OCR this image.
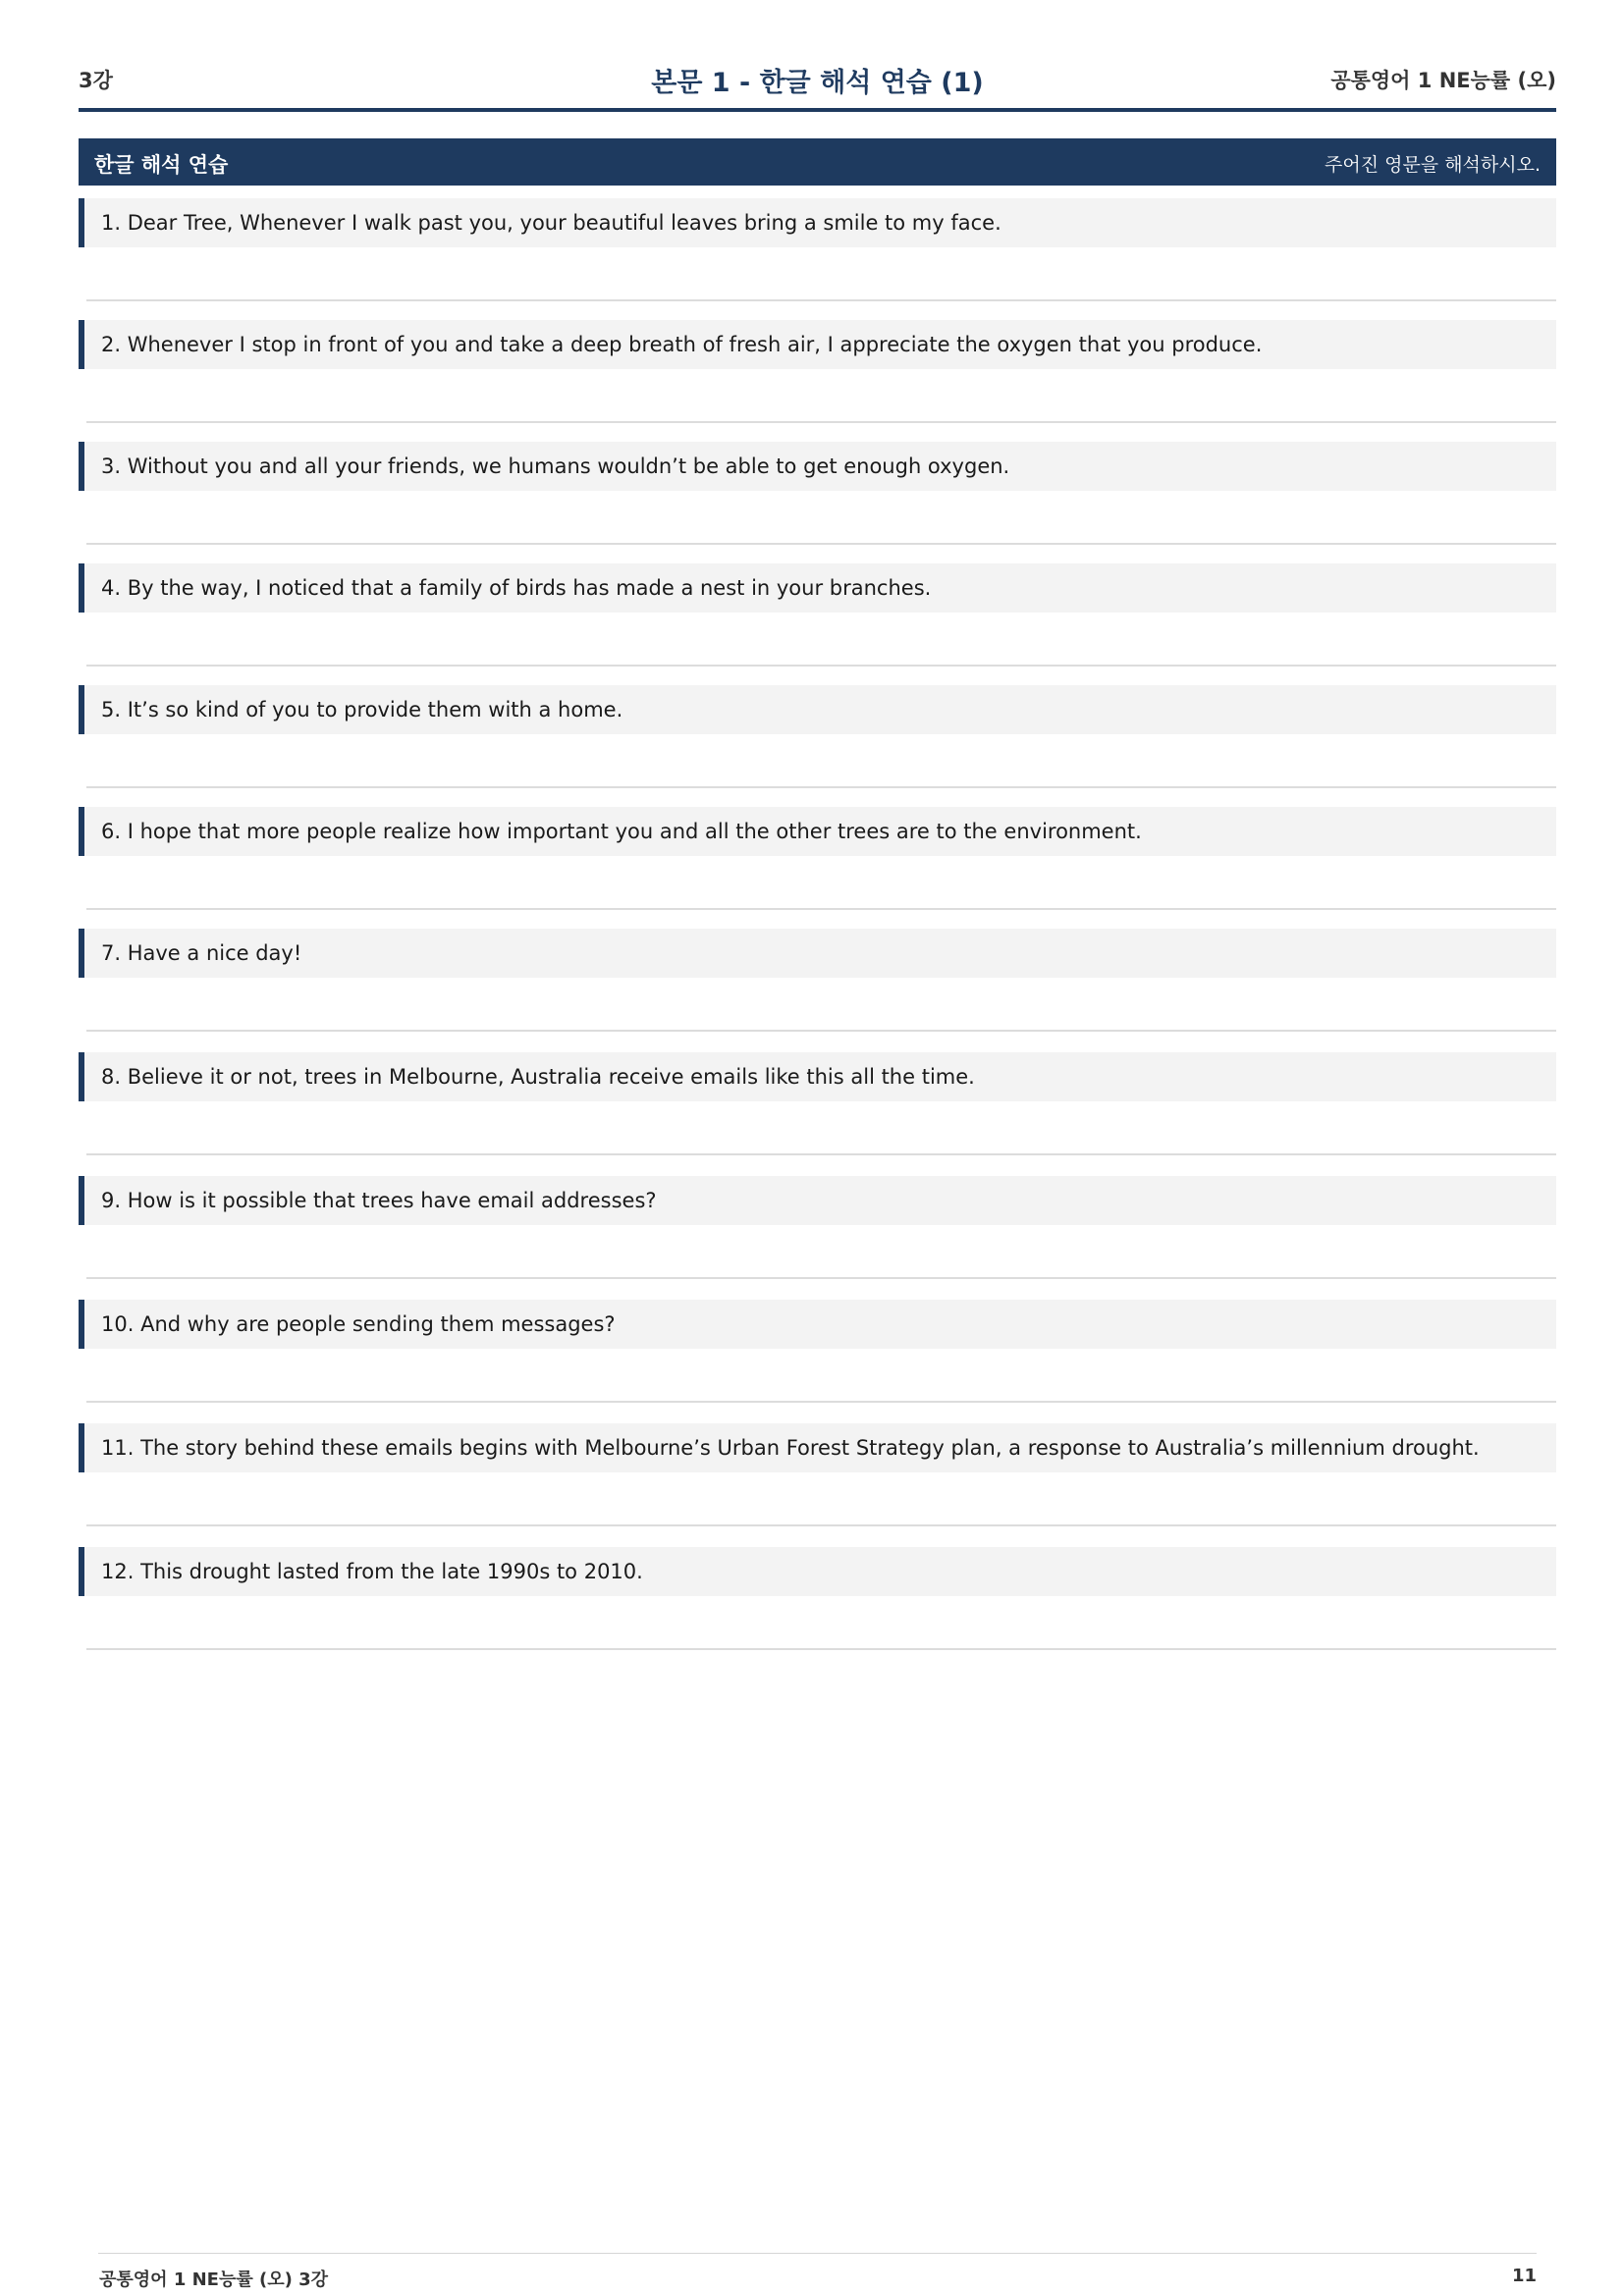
3강	본문 1 - 한글 해석 연습 (1)	공통영어 1 NE능률 (오)
한글 해석 연습	주어진 영문을 해석하시오.
1. Dear Tree, Whenever I walk past you, your beautiful leaves bring a smile to my face.
2. Whenever I stop in front of you and take a deep breath of fresh air, I appreciate the oxygen that you produce.
3. Without you and all your friends, we humans wouldn’t be able to get enough oxygen.
4. By the way, I noticed that a family of birds has made a nest in your branches.
5. It’s so kind of you to provide them with a home.
6. I hope that more people realize how important you and all the other trees are to the environment.
7. Have a nice day!
8. Believe it or not, trees in Melbourne, Australia receive emails like this all the time.
9. How is it possible that trees have email addresses?
10. And why are people sending them messages?
11. The story behind these emails begins with Melbourne’s Urban Forest Strategy plan, a response to Australia’s millennium drought.
12. This drought lasted from the late 1990s to 2010.
공통영어 1 NE능률 (오) 3강	11
